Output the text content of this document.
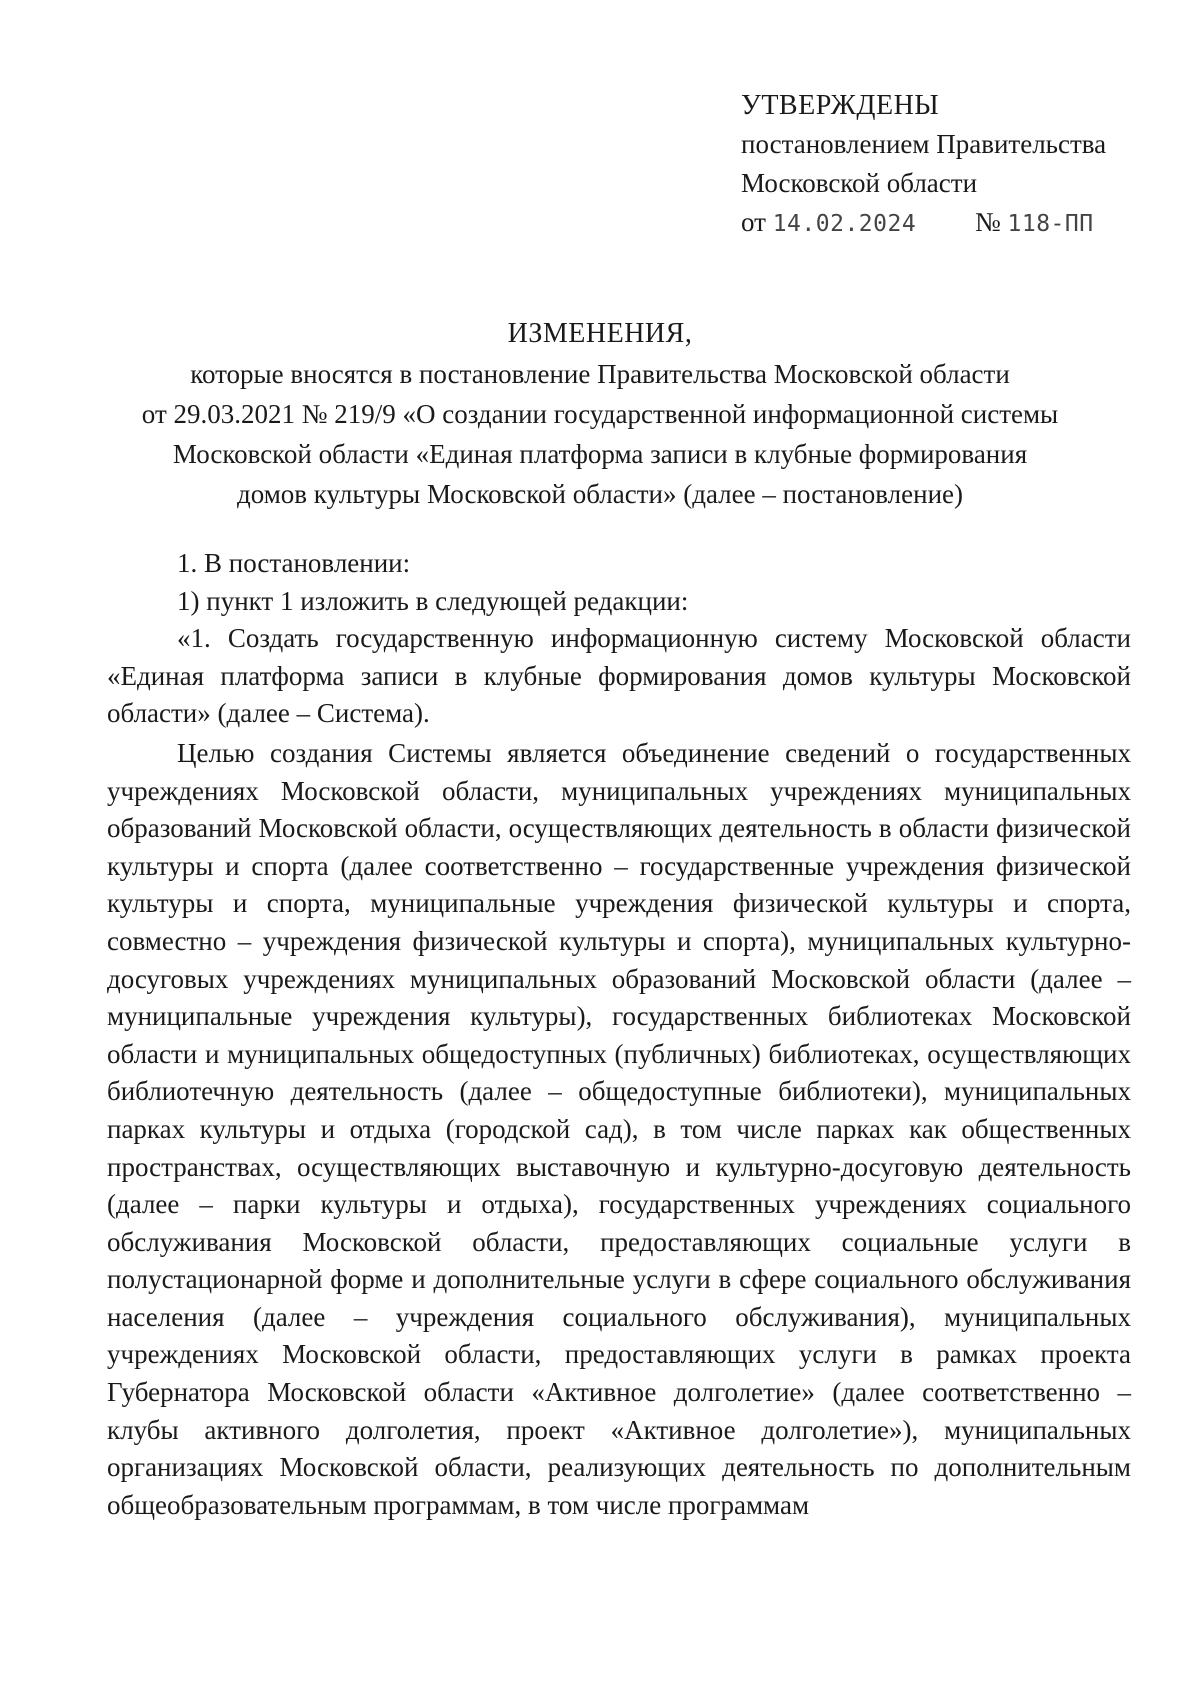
УТВЕРЖДЕНЫ
постановлением Правительства
Московской области
от 14.02.2024 № 118-ПП
ИЗМЕНЕНИЯ,
которые вносятся в постановление Правительства Московской области
от 29.03.2021 № 219/9 «О создании государственной информационной системы
Московской области «Единая платформа записи в клубные формирования
домов культуры Московской области» (далее – постановление)

1. В постановлении:

1) пункт 1 изложить в следующей редакции:

«1. Создать государственную информационную систему Московской области «Единая платформа записи в клубные формирования домов культуры Московской области» (далее – Система).

Целью создания Системы является объединение сведений о государственных учреждениях Московской области, муниципальных учреждениях муниципальных образований Московской области, осуществляющих деятельность в области физической культуры и спорта (далее соответственно – государственные учреждения физической культуры и спорта, муниципальные учреждения физической культуры и спорта, совместно – учреждения физической культуры и спорта), муниципальных культурно-досуговых учреждениях муниципальных образований Московской области (далее – муниципальные учреждения культуры), государственных библиотеках Московской области и муниципальных общедоступных (публичных) библиотеках, осуществляющих библиотечную деятельность (далее – общедоступные библиотеки), муниципальных парках культуры и отдыха (городской сад), в том числе парках как общественных пространствах, осуществляющих выставочную и культурно-досуговую деятельность (далее – парки культуры и отдыха), государственных учреждениях социального обслуживания Московской области, предоставляющих социальные услуги в полустационарной форме и дополнительные услуги в сфере социального обслуживания населения (далее – учреждения социального обслуживания), муниципальных учреждениях Московской области, предоставляющих услуги в рамках проекта Губернатора Московской области «Активное долголетие» (далее соответственно – клубы активного долголетия, проект «Активное долголетие»), муниципальных организациях Московской области, реализующих деятельность по дополнительным общеобразовательным программам, в том числе программам
